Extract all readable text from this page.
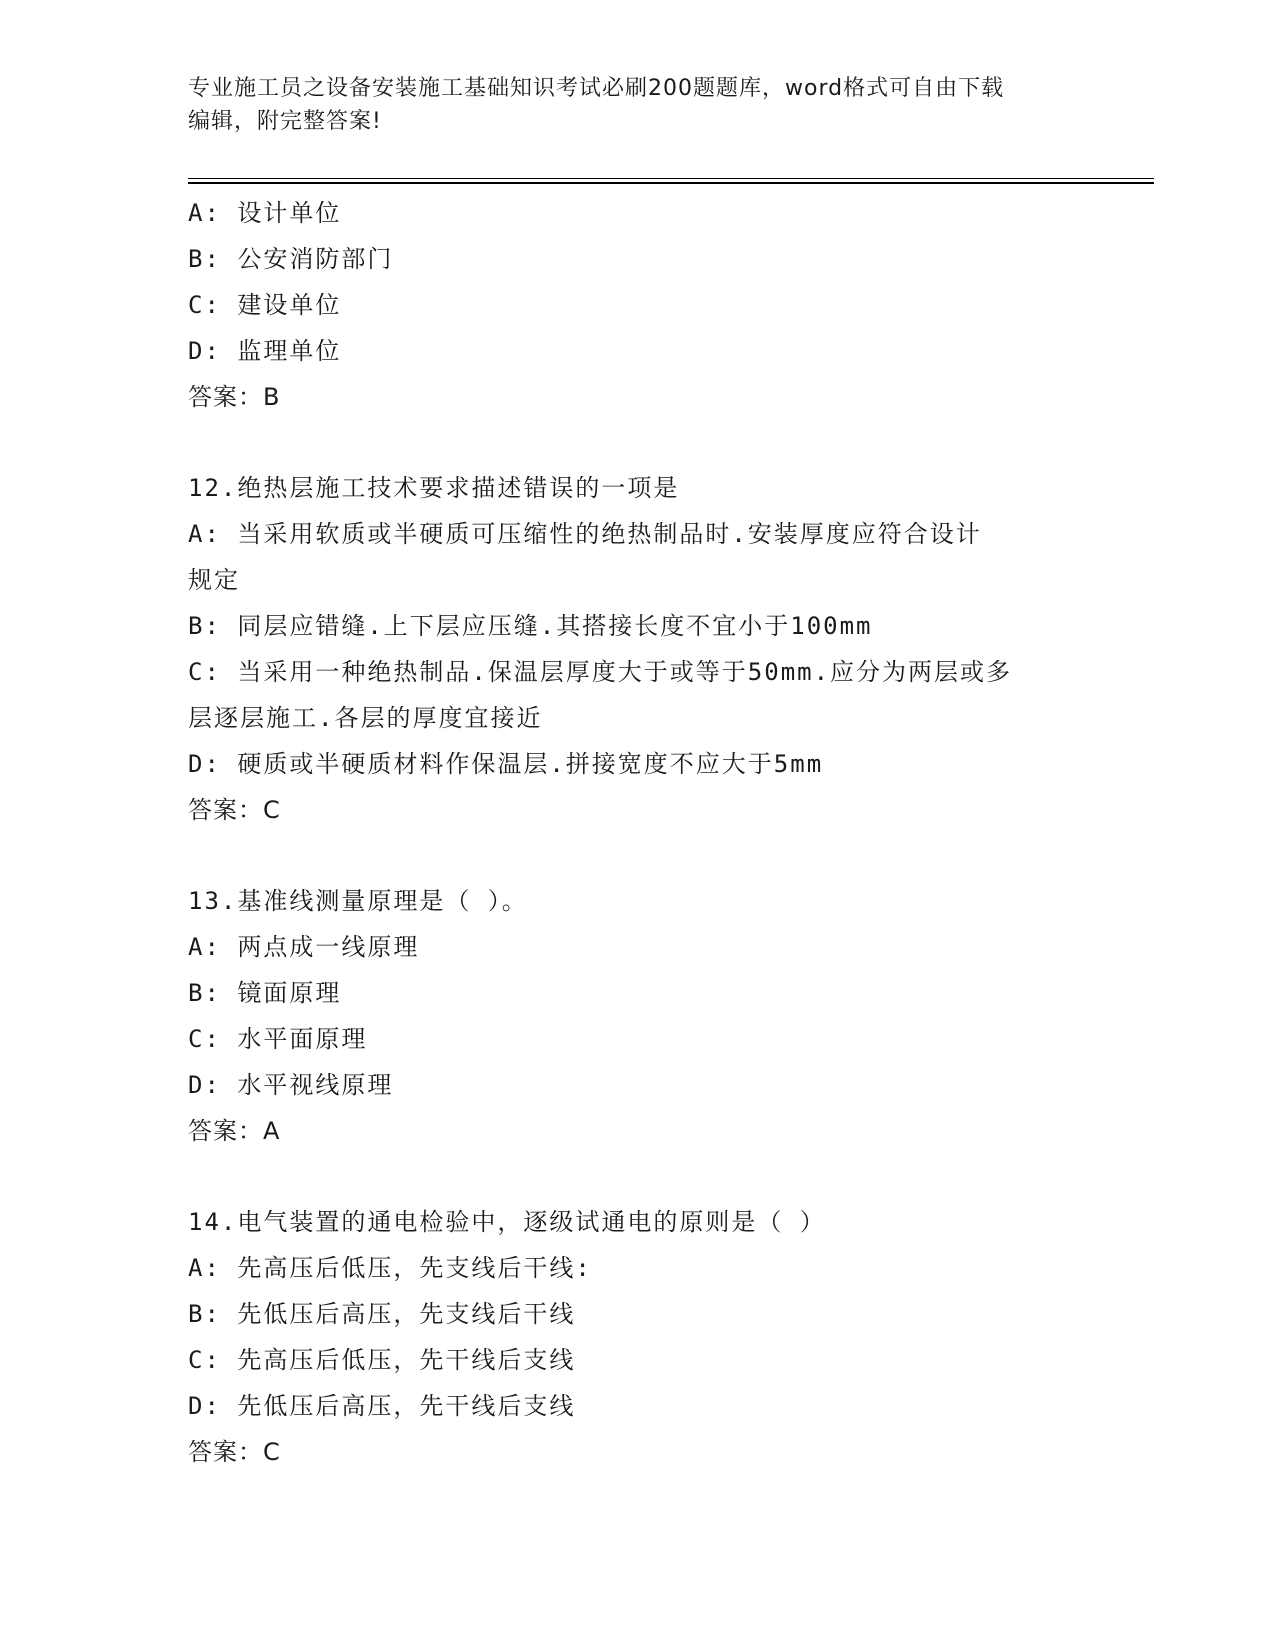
专业施工员之设备安装施工基础知识考试必刷200题题库，word格式可自由下载
编辑，附完整答案!
A: 设计单位
B: 公安消防部门
C: 建设单位
D: 监理单位
答案：B
12.绝热层施工技术要求描述错误的一项是
A: 当采用软质或半硬质可压缩性的绝热制品时.安装厚度应符合设计
规定
B: 同层应错缝.上下层应压缝.其搭接长度不宜小于100mm
C: 当采用一种绝热制品.保温层厚度大于或等于50mm.应分为两层或多
层逐层施工.各层的厚度宜接近
D: 硬质或半硬质材料作保温层.拼接宽度不应大于5mm
答案：C
13.基准线测量原理是（ ）。
A: 两点成一线原理
B: 镜面原理
C: 水平面原理
D: 水平视线原理
答案：A
14.电气装置的通电检验中，逐级试通电的原则是（ ）
A: 先高压后低压，先支线后干线:
B: 先低压后高压，先支线后干线
C: 先高压后低压，先干线后支线
D: 先低压后高压，先干线后支线
答案：C
